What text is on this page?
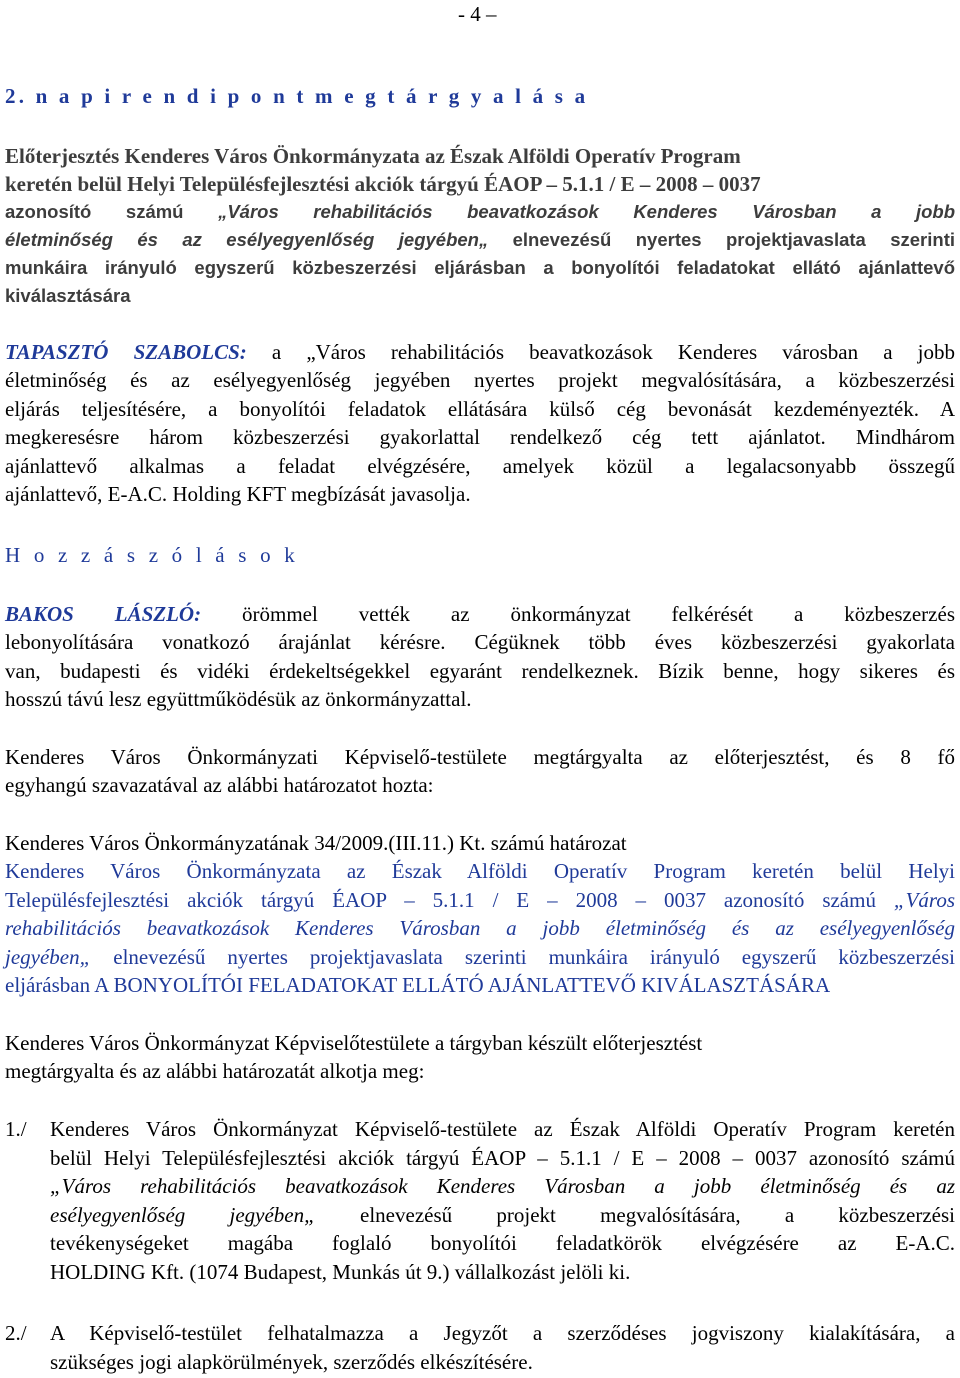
- 4 –
2. n a p i r e n d i p o n t m e g t á r g y a l á s a
Előterjesztés Kenderes Város Önkormányzata az Észak Alföldi Operatív Program
keretén belül Helyi Településfejlesztési akciók tárgyú ÉAOP – 5.1.1 / E – 2008 – 0037
azonosító számú „Város rehabilitációs beavatkozások Kenderes Városban a jobb
életminőség és az esélyegyenlőség jegyében„ elnevezésű nyertes projektjavaslata szerinti
munkáira irányuló egyszerű közbeszerzési eljárásban a bonyolítói feladatokat ellátó ajánlattevő
kiválasztására
TAPASZTÓ SZABOLCS: a „Város rehabilitációs beavatkozások Kenderes városban a jobb
életminőség és az esélyegyenlőség jegyében nyertes projekt megvalósítására, a közbeszerzési
eljárás teljesítésére, a bonyolítói feladatok ellátására külső cég bevonását kezdeményezték. A
megkeresésre három közbeszerzési gyakorlattal rendelkező cég tett ajánlatot. Mindhárom
ajánlattevő alkalmas a feladat elvégzésére, amelyek közül a legalacsonyabb összegű
ajánlattevő, E-A.C. Holding KFT megbízását javasolja.
H o z z á s z ó l á s o k
BAKOS LÁSZLÓ: örömmel vették az önkormányzat felkérését a közbeszerzés
lebonyolítására vonatkozó árajánlat kérésre. Cégüknek több éves közbeszerzési gyakorlata
van, budapesti és vidéki érdekeltségekkel egyaránt rendelkeznek. Bízik benne, hogy sikeres és
hosszú távú lesz együttműködésük az önkormányzattal.
Kenderes Város Önkormányzati Képviselő-testülete megtárgyalta az előterjesztést, és 8 fő
egyhangú szavazatával az alábbi határozatot hozta:
Kenderes Város Önkormányzatának 34/2009.(III.11.) Kt. számú határozat
Kenderes Város Önkormányzata az Észak Alföldi Operatív Program keretén belül Helyi
Településfejlesztési akciók tárgyú ÉAOP – 5.1.1 / E – 2008 – 0037 azonosító számú „Város
rehabilitációs beavatkozások Kenderes Városban a jobb életminőség és az esélyegyenlőség
jegyében„ elnevezésű nyertes projektjavaslata szerinti munkáira irányuló egyszerű közbeszerzési
eljárásban A BONYOLÍTÓI FELADATOKAT ELLÁTÓ AJÁNLATTEVŐ KIVÁLASZTÁSÁRA
Kenderes Város Önkormányzat Képviselőtestülete a tárgyban készült előterjesztést
megtárgyalta és az alábbi határozatát alkotja meg:
1./ Kenderes Város Önkormányzat Képviselő-testülete az Észak Alföldi Operatív Program keretén
belül Helyi Településfejlesztési akciók tárgyú ÉAOP – 5.1.1 / E – 2008 – 0037 azonosító számú
„Város rehabilitációs beavatkozások Kenderes Városban a jobb életminőség és az
esélyegyenlőség jegyében„ elnevezésű projekt megvalósítására, a közbeszerzési
tevékenységeket magába foglaló bonyolítói feladatkörök elvégzésére az E-A.C.
HOLDING Kft. (1074 Budapest, Munkás út 9.) vállalkozást jelöli ki.
2./ A Képviselő-testület felhatalmazza a Jegyzőt a szerződéses jogviszony kialakítására, a
szükséges jogi alapkörülmények, szerződés elkészítésére.
